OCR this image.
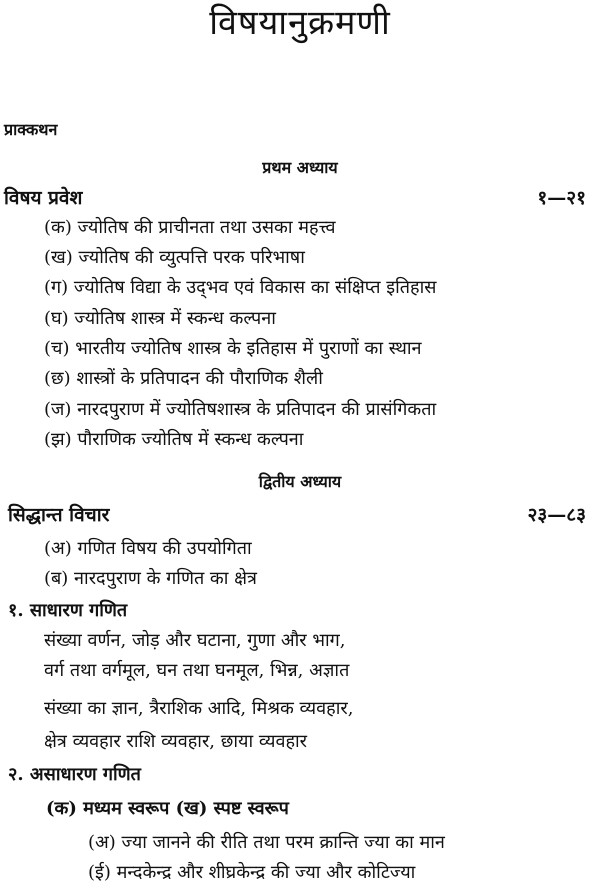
विषयानुक्रमणी
प्राक्कथन
प्रथम अध्याय
विषय प्रवेश	१—२१
(क) ज्योतिष की प्राचीनता तथा उसका महत्त्व
(ख) ज्योतिष की व्युत्पत्ति परक परिभाषा
(ग) ज्योतिष विद्या के उद्‌भव एवं विकास का संक्षिप्त इतिहास
(घ) ज्योतिष शास्त्र में स्कन्ध कल्पना
(च) भारतीय ज्योतिष शास्त्र के इतिहास में पुराणों का स्थान
(छ) शास्त्रों के प्रतिपादन की पौराणिक शैली
(ज) नारदपुराण में ज्योतिषशास्त्र के प्रतिपादन की प्रासंगिकता
(झ) पौराणिक ज्योतिष में स्कन्ध कल्पना
द्वितीय अध्याय
सिद्धान्त विचार	२३—८३
(अ) गणित विषय की उपयोगिता
(ब) नारदपुराण के गणित का क्षेत्र
१. साधारण गणित
संख्या वर्णन, जोड़ और घटाना, गुणा और भाग,
वर्ग तथा वर्गमूल, घन तथा घनमूल, भिन्न, अज्ञात
संख्या का ज्ञान, त्रैराशिक आदि, मिश्रक व्यवहार,
क्षेत्र व्यवहार राशि व्यवहार, छाया व्यवहार
२. असाधारण गणित
(क) मध्यम स्वरूप (ख) स्पष्ट स्वरूप
(अ) ज्या जानने की रीति तथा परम क्रान्ति ज्या का मान
(ई) मन्दकेन्द्र और शीघ्रकेन्द्र की ज्या और कोटिज्या
